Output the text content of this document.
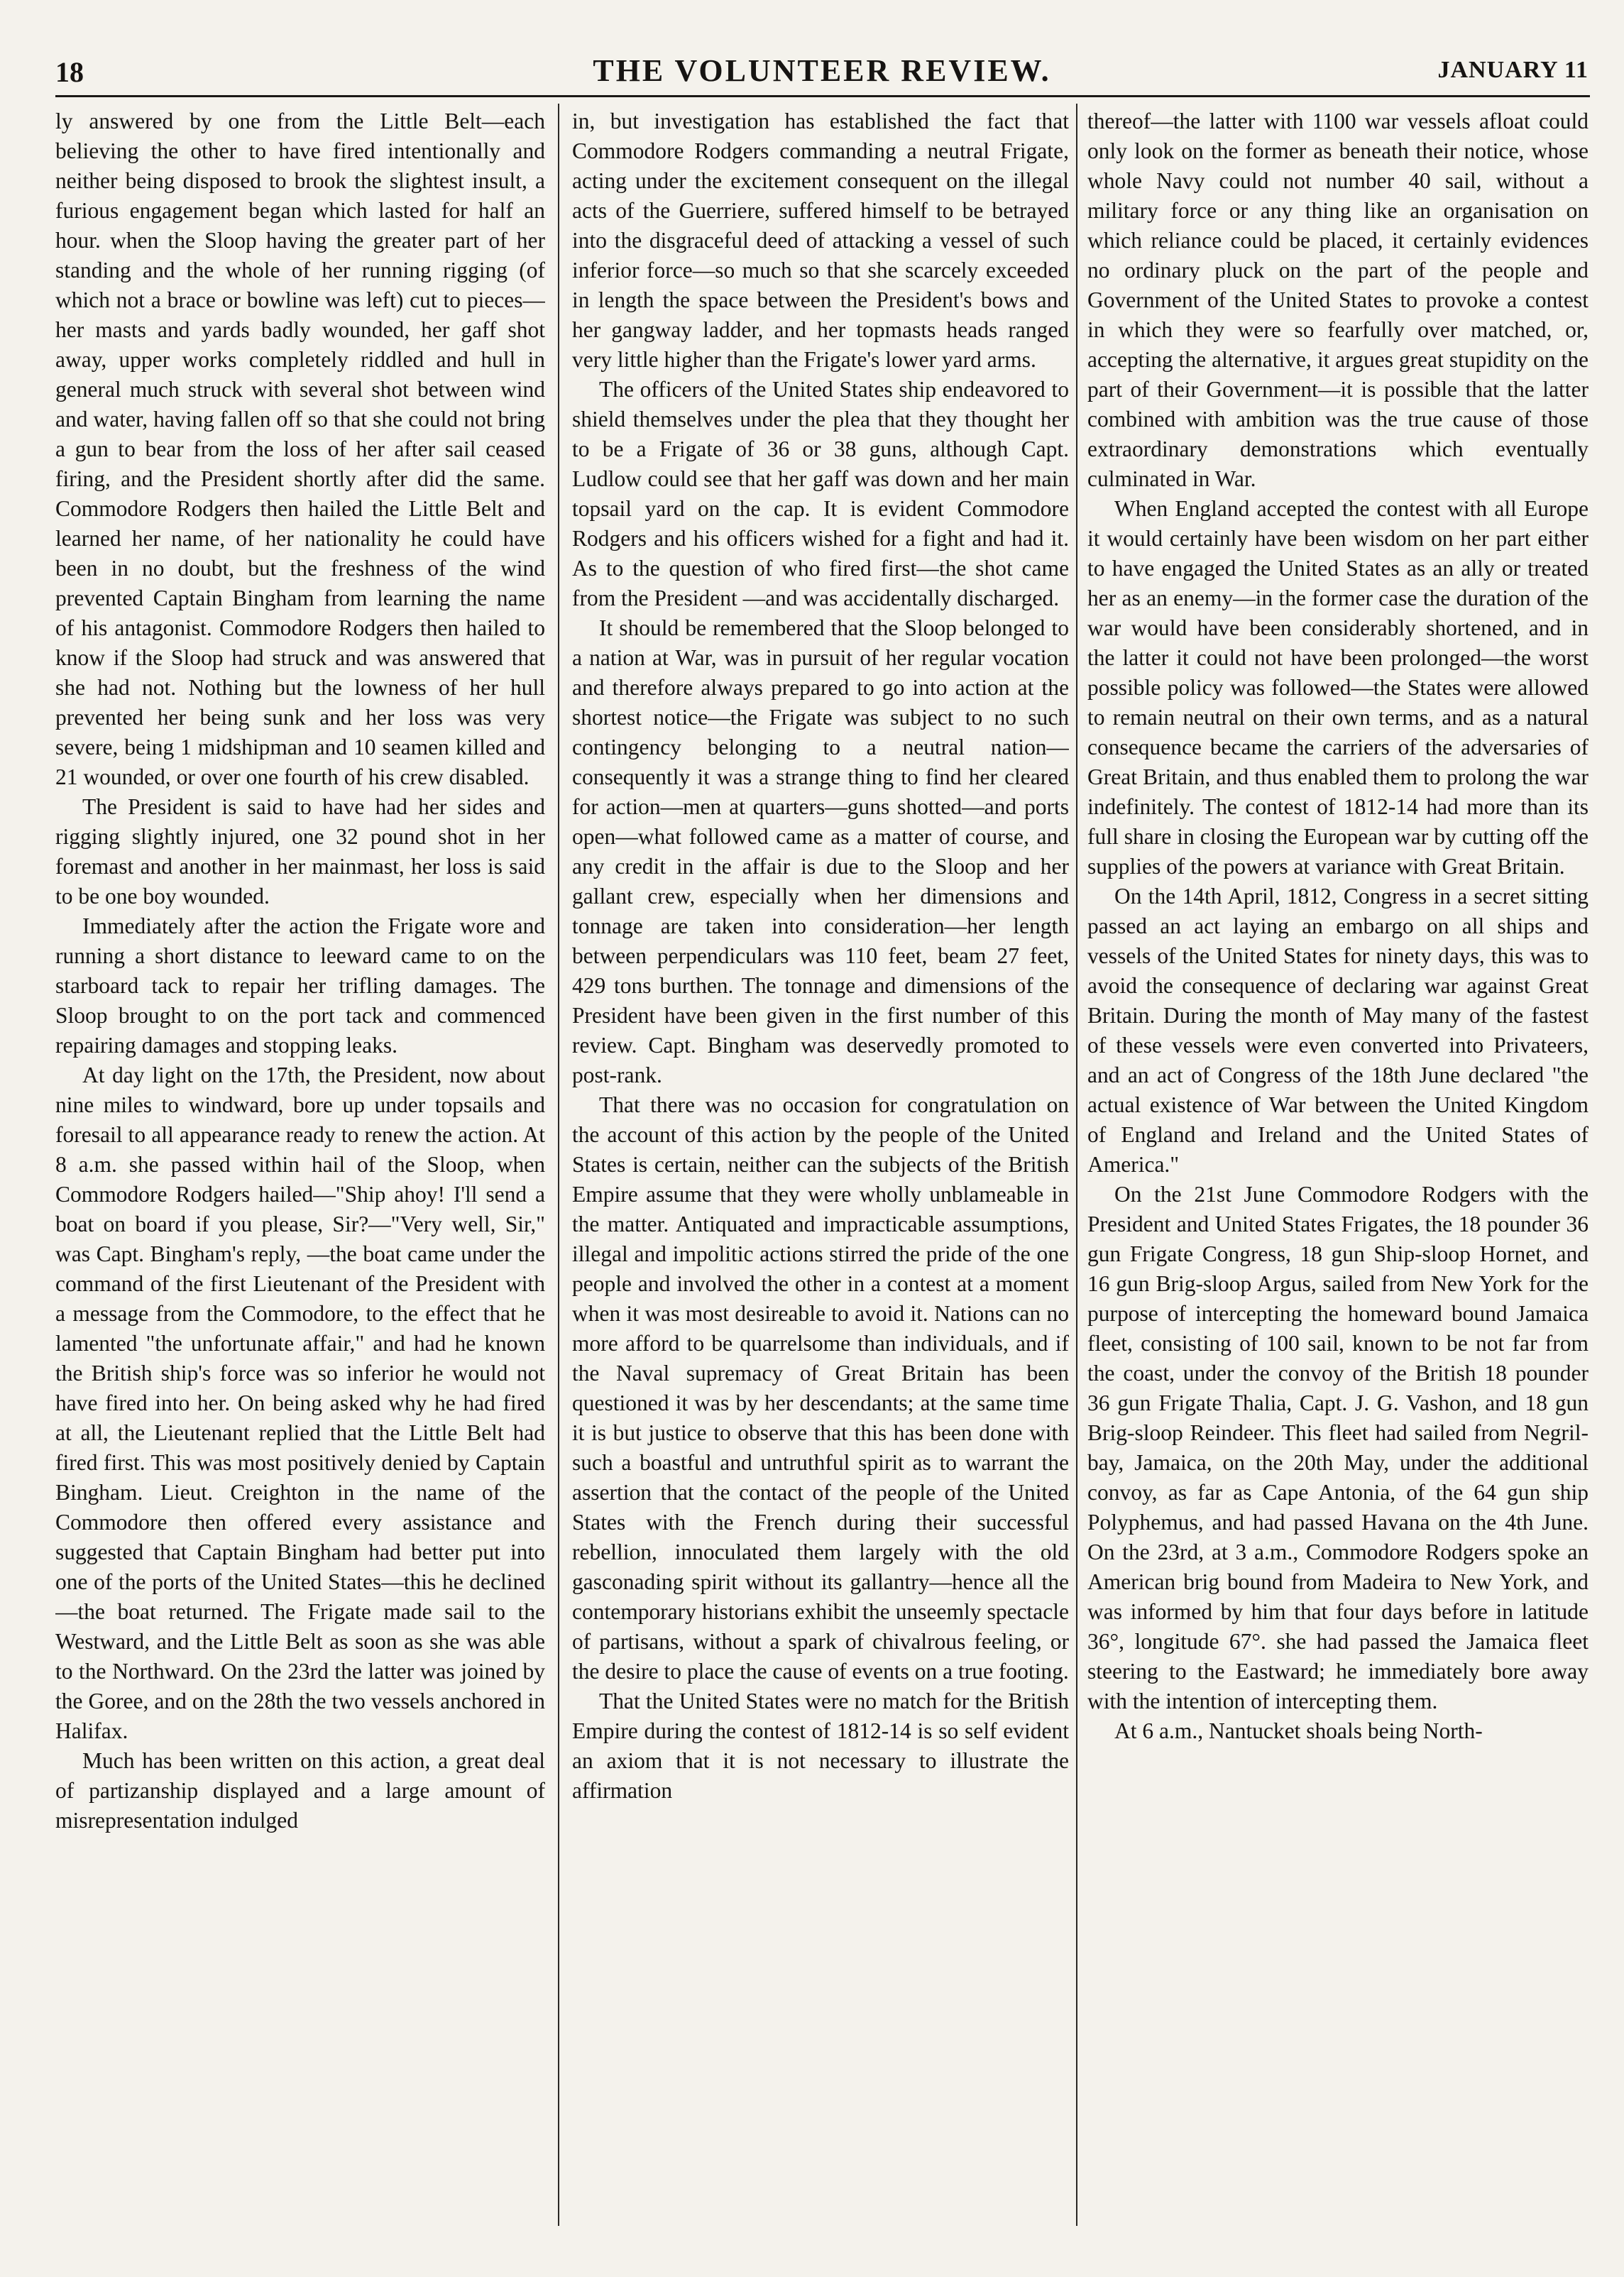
18	THE VOLUNTEER REVIEW.	JANUARY 11

ly answered by one from the Little Belt—each believing the other to have fired intentionally and neither being disposed to brook the slightest insult, a furious engagement began which lasted for half an hour. when the Sloop having the greater part of her standing and the whole of her running rigging (of which not a brace or bowline was left) cut to pieces—her masts and yards badly wounded, her gaff shot away, upper works completely riddled and hull in general much struck with several shot between wind and water, having fallen off so that she could not bring a gun to bear from the loss of her after sail ceased firing, and the President shortly after did the same. Commodore Rodgers then hailed the Little Belt and learned her name, of her nationality he could have been in no doubt, but the freshness of the wind prevented Captain Bingham from learning the name of his antagonist. Commodore Rodgers then hailed to know if the Sloop had struck and was answered that she had not. Nothing but the lowness of her hull prevented her being sunk and her loss was very severe, being 1 midshipman and 10 seamen killed and 21 wounded, or over one fourth of his crew disabled.

The President is said to have had her sides and rigging slightly injured, one 32 pound shot in her foremast and another in her mainmast, her loss is said to be one boy wounded.

Immediately after the action the Frigate wore and running a short distance to leeward came to on the starboard tack to repair her trifling damages. The Sloop brought to on the port tack and commenced repairing damages and stopping leaks.

At day light on the 17th, the President, now about nine miles to windward, bore up under topsails and foresail to all appearance ready to renew the action. At 8 a.m. she passed within hail of the Sloop, when Commodore Rodgers hailed—"Ship ahoy! I'll send a boat on board if you please, Sir?—"Very well, Sir," was Capt. Bingham's reply, —the boat came under the command of the first Lieutenant of the President with a message from the Commodore, to the effect that he lamented "the unfortunate affair," and had he known the British ship's force was so inferior he would not have fired into her. On being asked why he had fired at all, the Lieutenant replied that the Little Belt had fired first. This was most positively denied by Captain Bingham. Lieut. Creighton in the name of the Commodore then offered every assistance and suggested that Captain Bingham had better put into one of the ports of the United States—this he declined—the boat returned. The Frigate made sail to the Westward, and the Little Belt as soon as she was able to the Northward. On the 23rd the latter was joined by the Goree, and on the 28th the two vessels anchored in Halifax.

Much has been written on this action, a great deal of partizanship displayed and a large amount of misrepresentation indulged

in, but investigation has established the fact that Commodore Rodgers commanding a neutral Frigate, acting under the excitement consequent on the illegal acts of the Guerriere, suffered himself to be betrayed into the disgraceful deed of attacking a vessel of such inferior force—so much so that she scarcely exceeded in length the space between the President's bows and her gangway ladder, and her topmasts heads ranged very little higher than the Frigate's lower yard arms.

The officers of the United States ship endeavored to shield themselves under the plea that they thought her to be a Frigate of 36 or 38 guns, although Capt. Ludlow could see that her gaff was down and her main topsail yard on the cap. It is evident Commodore Rodgers and his officers wished for a fight and had it. As to the question of who fired first—the shot came from the President —and was accidentally discharged.

It should be remembered that the Sloop belonged to a nation at War, was in pursuit of her regular vocation and therefore always prepared to go into action at the shortest notice—the Frigate was subject to no such contingency belonging to a neutral nation—consequently it was a strange thing to find her cleared for action—men at quarters—guns shotted—and ports open—what followed came as a matter of course, and any credit in the affair is due to the Sloop and her gallant crew, especially when her dimensions and tonnage are taken into consideration—her length between perpendiculars was 110 feet, beam 27 feet, 429 tons burthen. The tonnage and dimensions of the President have been given in the first number of this review. Capt. Bingham was deservedly promoted to post-rank.

That there was no occasion for congratulation on the account of this action by the people of the United States is certain, neither can the subjects of the British Empire assume that they were wholly unblameable in the matter. Antiquated and impracticable assumptions, illegal and impolitic actions stirred the pride of the one people and involved the other in a contest at a moment when it was most desireable to avoid it. Nations can no more afford to be quarrelsome than individuals, and if the Naval supremacy of Great Britain has been questioned it was by her descendants; at the same time it is but justice to observe that this has been done with such a boastful and untruthful spirit as to warrant the assertion that the contact of the people of the United States with the French during their successful rebellion, innoculated them largely with the old gasconading spirit without its gallantry—hence all the contemporary historians exhibit the unseemly spectacle of partisans, without a spark of chivalrous feeling, or the desire to place the cause of events on a true footing.

That the United States were no match for the British Empire during the contest of 1812-14 is so self evident an axiom that it is not necessary to illustrate the affirmation

thereof—the latter with 1100 war vessels afloat could only look on the former as beneath their notice, whose whole Navy could not number 40 sail, without a military force or any thing like an organisation on which reliance could be placed, it certainly evidences no ordinary pluck on the part of the people and Government of the United States to provoke a contest in which they were so fearfully over matched, or, accepting the alternative, it argues great stupidity on the part of their Government—it is possible that the latter combined with ambition was the true cause of those extraordinary demonstrations which eventually culminated in War.

When England accepted the contest with all Europe it would certainly have been wisdom on her part either to have engaged the United States as an ally or treated her as an enemy—in the former case the duration of the war would have been considerably shortened, and in the latter it could not have been prolonged—the worst possible policy was followed—the States were allowed to remain neutral on their own terms, and as a natural consequence became the carriers of the adversaries of Great Britain, and thus enabled them to prolong the war indefinitely. The contest of 1812-14 had more than its full share in closing the European war by cutting off the supplies of the powers at variance with Great Britain.

On the 14th April, 1812, Congress in a secret sitting passed an act laying an embargo on all ships and vessels of the United States for ninety days, this was to avoid the consequence of declaring war against Great Britain. During the month of May many of the fastest of these vessels were even converted into Privateers, and an act of Congress of the 18th June declared "the actual existence of War between the United Kingdom of England and Ireland and the United States of America."

On the 21st June Commodore Rodgers with the President and United States Frigates, the 18 pounder 36 gun Frigate Congress, 18 gun Ship-sloop Hornet, and 16 gun Brig-sloop Argus, sailed from New York for the purpose of intercepting the homeward bound Jamaica fleet, consisting of 100 sail, known to be not far from the coast, under the convoy of the British 18 pounder 36 gun Frigate Thalia, Capt. J. G. Vashon, and 18 gun Brig-sloop Reindeer. This fleet had sailed from Negril-bay, Jamaica, on the 20th May, under the additional convoy, as far as Cape Antonia, of the 64 gun ship Polyphemus, and had passed Havana on the 4th June. On the 23rd, at 3 a.m., Commodore Rodgers spoke an American brig bound from Madeira to New York, and was informed by him that four days before in latitude 36°, longitude 67°. she had passed the Jamaica fleet steering to the Eastward; he immediately bore away with the intention of intercepting them.

At 6 a.m., Nantucket shoals being North-
